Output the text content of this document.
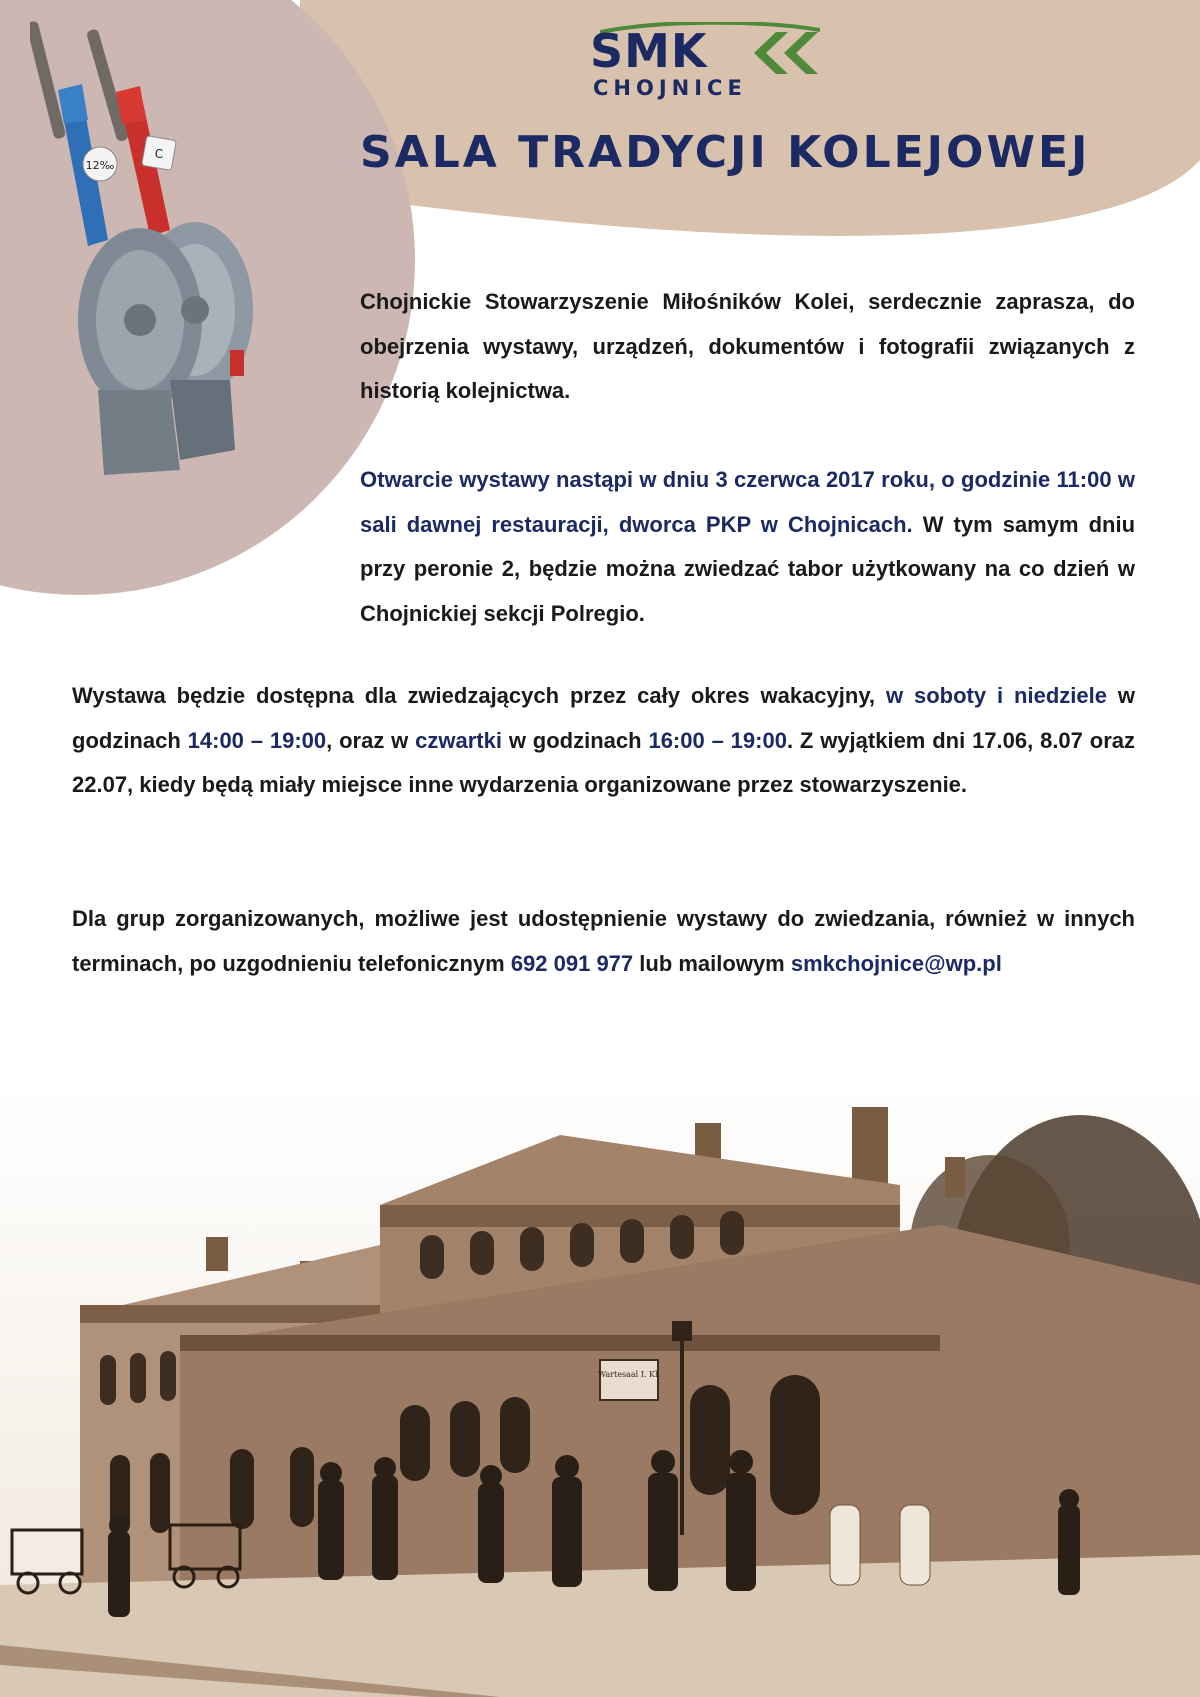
12‰
C
SMK
CHOJNICE
SALA TRADYCJI KOLEJOWEJ

Chojnickie Stowarzyszenie Miłośników Kolei, serdecznie zaprasza, do obejrzenia wystawy, urządzeń, dokumentów i fotografii związanych z historią kolejnictwa.

Otwarcie wystawy nastąpi w dniu 3 czerwca 2017 roku, o godzinie 11:00 w sali dawnej restauracji, dworca PKP w Chojnicach. W tym samym dniu przy peronie 2, będzie można zwiedzać tabor użytkowany na co dzień w Chojnickiej sekcji Polregio.

Wystawa będzie dostępna dla zwiedzających przez cały okres wakacyjny, w soboty i niedziele w godzinach 14:00 – 19:00, oraz w czwartki w godzinach 16:00 – 19:00. Z wyjątkiem dni 17.06, 8.07 oraz 22.07, kiedy będą miały miejsce inne wydarzenia organizowane przez stowarzyszenie.

Dla grup zorganizowanych, możliwe jest udostępnienie wystawy do zwiedzania, również w innych terminach, po uzgodnieniu telefonicznym 692 091 977 lub mailowym smkchojnice@wp.pl

Wartesaal I. Kl.
